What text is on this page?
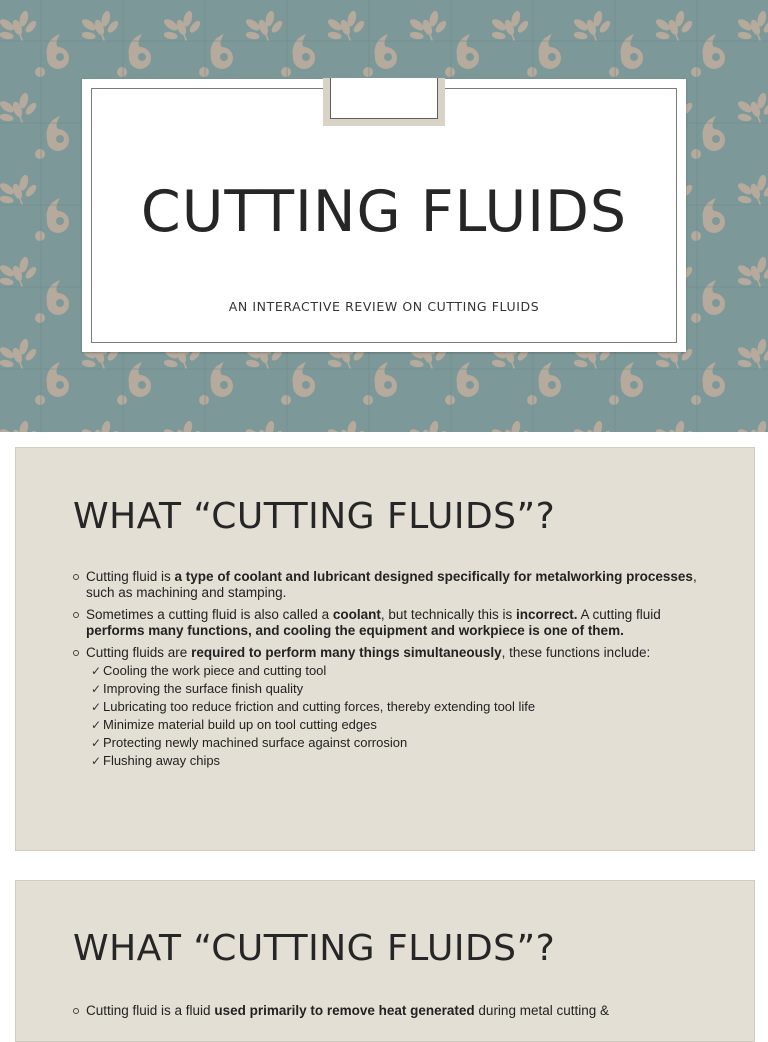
CUTTING FLUIDS

AN INTERACTIVE REVIEW ON CUTTING FLUIDS

WHAT “CUTTING FLUIDS”?
Cutting fluid is a type of coolant and lubricant designed specifically for metalworking processes, such as machining and stamping.
Sometimes a cutting fluid is also called a coolant, but technically this is incorrect. A cutting fluid performs many functions, and cooling the equipment and workpiece is one of them.
Cutting fluids are required to perform many things simultaneously, these functions include:
✓ Cooling the work piece and cutting tool
✓ Improving the surface finish quality
✓ Lubricating too reduce friction and cutting forces, thereby extending tool life
✓ Minimize material build up on tool cutting edges
✓ Protecting newly machined surface against corrosion
✓ Flushing away chips
WHAT “CUTTING FLUIDS”?
Cutting fluid is a fluid used primarily to remove heat generated during metal cutting &
